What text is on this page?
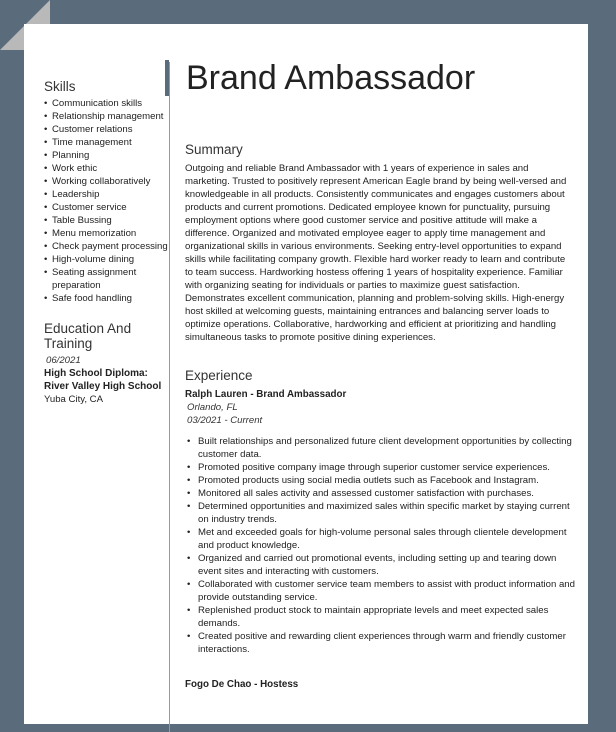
Brand Ambassador
Skills
• Communication skills
• Relationship management
• Customer relations
• Time management
• Planning
• Work ethic
• Working collaboratively
• Leadership
• Customer service
• Table Bussing
• Menu memorization
• Check payment processing
• High-volume dining
• Seating assignment preparation
• Safe food handling
Education And Training
06/2021
High School Diploma:
River Valley High School
Yuba City, CA
Summary

Outgoing and reliable Brand Ambassador with 1 years of experience in sales and marketing. Trusted to positively represent American Eagle brand by being well-versed and knowledgeable in all products. Consistently communicates and engages customers about products and current promotions. Dedicated employee known for punctuality, pursuing employment options where good customer service and positive attitude will make a difference. Organized and motivated employee eager to apply time management and organizational skills in various environments. Seeking entry-level opportunities to expand skills while facilitating company growth. Flexible hard worker ready to learn and contribute to team success. Hardworking hostess offering 1 years of hospitality experience. Familiar with organizing seating for individuals or parties to maximize guest satisfaction. Demonstrates excellent communication, planning and problem-solving skills. High-energy host skilled at welcoming guests, maintaining entrances and balancing server loads to optimize operations. Collaborative, hardworking and efficient at prioritizing and handling simultaneous tasks to promote positive dining experiences.

Experience
Ralph Lauren - Brand Ambassador
Orlando, FL
03/2021 - Current
• Built relationships and personalized future client development opportunities by collecting customer data.
• Promoted positive company image through superior customer service experiences.
• Promoted products using social media outlets such as Facebook and Instagram.
• Monitored all sales activity and assessed customer satisfaction with purchases.
• Determined opportunities and maximized sales within specific market by staying current on industry trends.
• Met and exceeded goals for high-volume personal sales through clientele development and product knowledge.
• Organized and carried out promotional events, including setting up and tearing down event sites and interacting with customers.
• Collaborated with customer service team members to assist with product information and provide outstanding service.
• Replenished product stock to maintain appropriate levels and meet expected sales demands.
• Created positive and rewarding client experiences through warm and friendly customer interactions.
Fogo De Chao - Hostess
